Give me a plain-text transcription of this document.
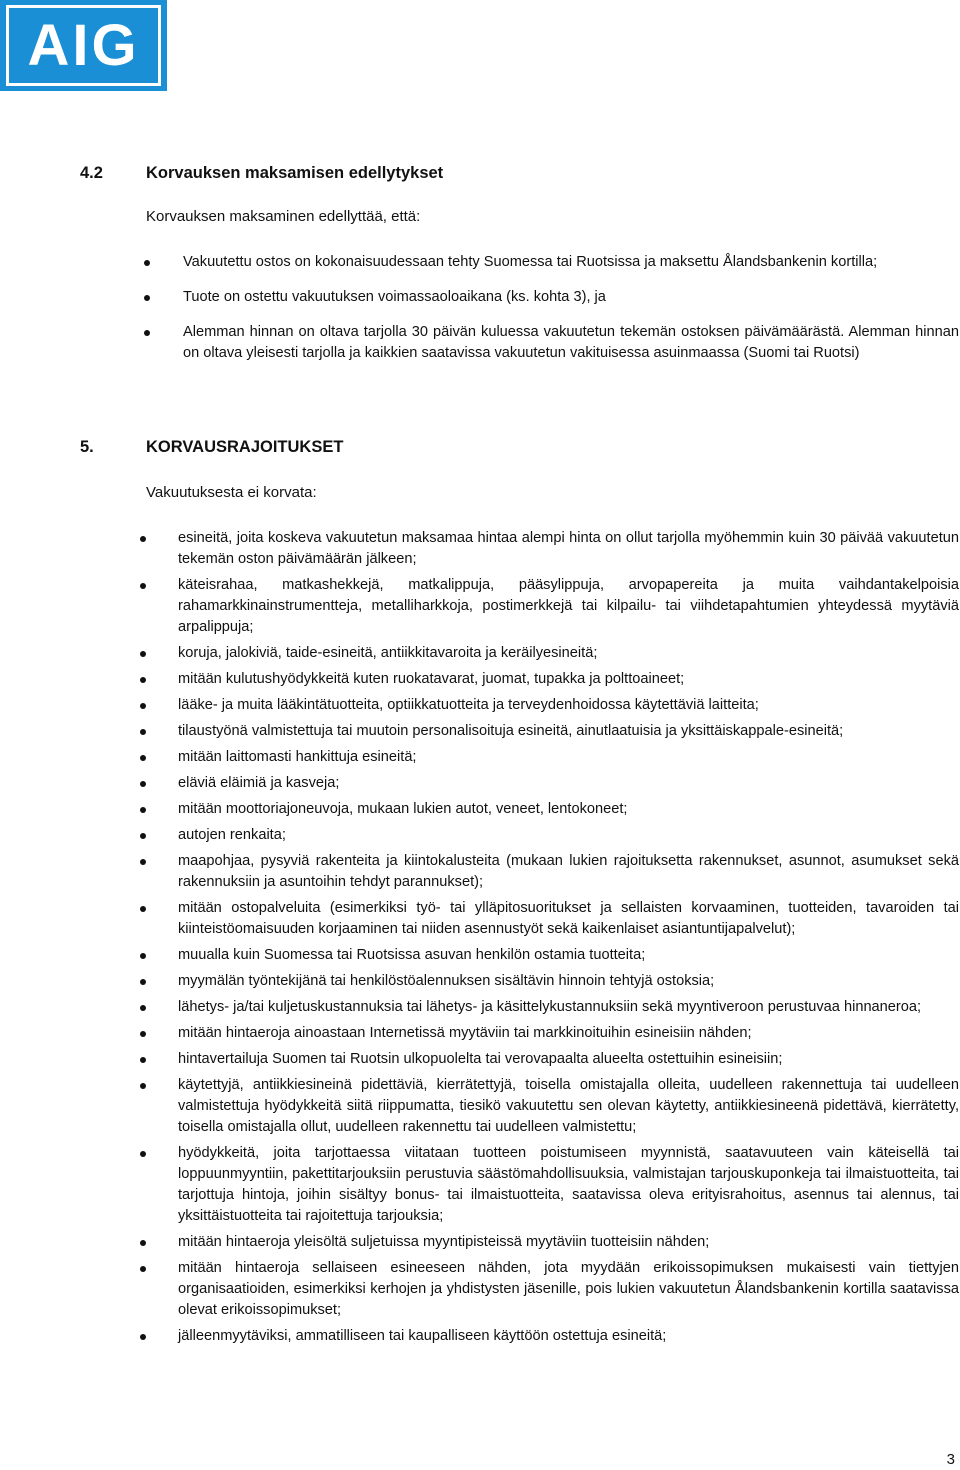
AIG
4.2	Korvauksen maksamisen edellytykset

Korvauksen maksaminen edellyttää, että:

Vakuutettu ostos on kokonaisuudessaan tehty Suomessa tai Ruotsissa ja maksettu Ålandsbankenin kortilla;
Tuote on ostettu vakuutuksen voimassaoloaikana (ks. kohta 3), ja
Alemman hinnan on oltava tarjolla 30 päivän kuluessa vakuutetun tekemän ostoksen päivämäärästä. Alemman hinnan on oltava yleisesti tarjolla ja kaikkien saatavissa vakuutetun vakituisessa asuinmaassa (Suomi tai Ruotsi)
5.	KORVAUSRAJOITUKSET

Vakuutuksesta ei korvata:

esineitä, joita koskeva vakuutetun maksamaa hintaa alempi hinta on ollut tarjolla myöhemmin kuin 30 päivää vakuutetun tekemän oston päivämäärän jälkeen;
käteisrahaa, matkashekkejä, matkalippuja, pääsylippuja, arvopapereita ja muita vaihdantakelpoisia rahamarkkinainstrumentteja, metalliharkkoja, postimerkkejä tai kilpailu- tai viihdetapahtumien yhteydessä myytäviä arpalippuja;
koruja, jalokiviä, taide-esineitä, antiikkitavaroita ja keräilyesineitä;
mitään kulutushyödykkeitä kuten ruokatavarat, juomat, tupakka ja polttoaineet;
lääke- ja muita lääkintätuotteita, optiikkatuotteita ja terveydenhoidossa käytettäviä laitteita;
tilaustyönä valmistettuja tai muutoin personalisoituja esineitä, ainutlaatuisia ja yksittäiskappale-esineitä;
mitään laittomasti hankittuja esineitä;
eläviä eläimiä ja kasveja;
mitään moottoriajoneuvoja, mukaan lukien autot, veneet, lentokoneet;
autojen renkaita;
maapohjaa, pysyviä rakenteita ja kiintokalusteita (mukaan lukien rajoituksetta rakennukset, asunnot, asumukset sekä rakennuksiin ja asuntoihin tehdyt parannukset);
mitään ostopalveluita (esimerkiksi työ- tai ylläpitosuoritukset ja sellaisten korvaaminen, tuotteiden, tavaroiden tai kiinteistöomaisuuden korjaaminen tai niiden asennustyöt sekä kaikenlaiset asiantuntijapalvelut);
muualla kuin Suomessa tai Ruotsissa asuvan henkilön ostamia tuotteita;
myymälän työntekijänä tai henkilöstöalennuksen sisältävin hinnoin tehtyjä ostoksia;
lähetys- ja/tai kuljetuskustannuksia tai lähetys- ja käsittelykustannuksiin sekä myyntiveroon perustuvaa hinnaneroa;
mitään hintaeroja ainoastaan Internetissä myytäviin tai markkinoituihin esineisiin nähden;
hintavertailuja Suomen tai Ruotsin ulkopuolelta tai verovapaalta alueelta ostettuihin esineisiin;
käytettyjä, antiikkiesineinä pidettäviä, kierrätettyjä, toisella omistajalla olleita, uudelleen rakennettuja tai uudelleen valmistettuja hyödykkeitä siitä riippumatta, tiesikö vakuutettu sen olevan käytetty, antiikkiesineenä pidettävä, kierrätetty, toisella omistajalla ollut, uudelleen rakennettu tai uudelleen valmistettu;
hyödykkeitä, joita tarjottaessa viitataan tuotteen poistumiseen myynnistä, saatavuuteen vain käteisellä tai loppuunmyyntiin, pakettitarjouksiin perustuvia säästömahdollisuuksia, valmistajan tarjouskuponkeja tai ilmaistuotteita, tai tarjottuja hintoja, joihin sisältyy bonus- tai ilmaistuotteita, saatavissa oleva erityisrahoitus, asennus tai alennus, tai yksittäistuotteita tai rajoitettuja tarjouksia;
mitään hintaeroja yleisöltä suljetuissa myyntipisteissä myytäviin tuotteisiin nähden;
mitään hintaeroja sellaiseen esineeseen nähden, jota myydään erikoissopimuksen mukaisesti vain tiettyjen organisaatioiden, esimerkiksi kerhojen ja yhdistysten jäsenille, pois lukien vakuutetun Ålandsbankenin kortilla saatavissa olevat erikoissopimukset;
jälleenmyytäviksi, ammatilliseen tai kaupalliseen käyttöön ostettuja esineitä;
3
